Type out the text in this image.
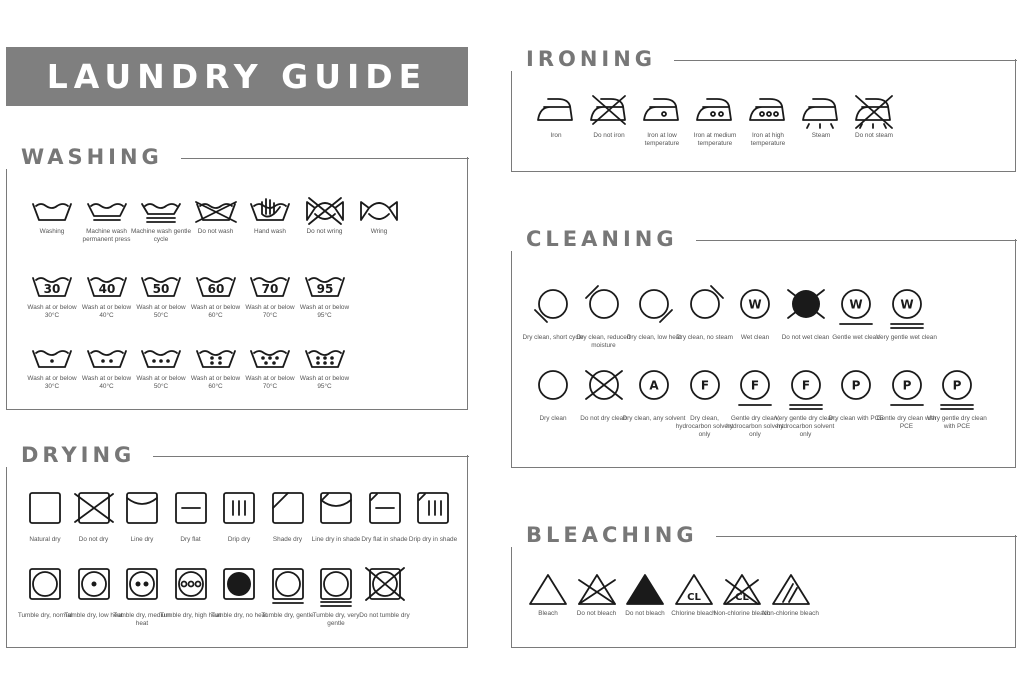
LAUNDRY GUIDE
WASHING
DRYING
IRONING
CLEANING
BLEACHING
Washing	Machine wash permanent press
Machine wash gentle cycle
Do not wash	Hand wash	Do not wring	Wring
30
Wash at or below 30°C
40
Wash at or below 40°C
50
Wash at or below 50°C
60
Wash at or below 60°C
70
Wash at or below 70°C
95
Wash at or below 95°C
Wash at or below 30°C
Wash at or below 40°C
Wash at or below 50°C
Wash at or below 60°C
Wash at or below 70°C
Wash at or below 95°C
Natural dry	Do not dry	Line dry	Dry flat	Drip dry	Shade dry	Line dry in shade Dry flat in shade Drip dry in shade
Tumble dry, normal
Tumble dry, low heat
Tumble dry, medium heat
Tumble dry, high heat
Tumble dry, no heat
Tumble dry, gentle
Tumble dry, very gentle
Do not tumble dry
Iron	Do not iron	Iron at low temperature
Iron at medium temperature
Iron at high temperature
Steam	Do not steam
Dry clean, short cycle
Dry clean, reduced moisture
Dry clean, low heat
Dry clean, no steam
W
Wet clean	Do not wet clean
W
Gentle wet clean
W
Very gentle wet clean
Dry clean	Do not dry clean
A
Dry clean, any solvent
F
Dry clean, hydrocarbon solvent only
F
Gentle dry clean, hydrocarbon solvent only
F
Very gentle dry clean, hydrocarbon solvent only
P
Dry clean with PCE
P
Gentle dry clean with PCE
P
Very gentle dry clean with PCE
Bleach	Do not bleach	Do not bleach
CL
Chlorine bleach
CL
Non-chlorine bleach
Non-chlorine bleach
